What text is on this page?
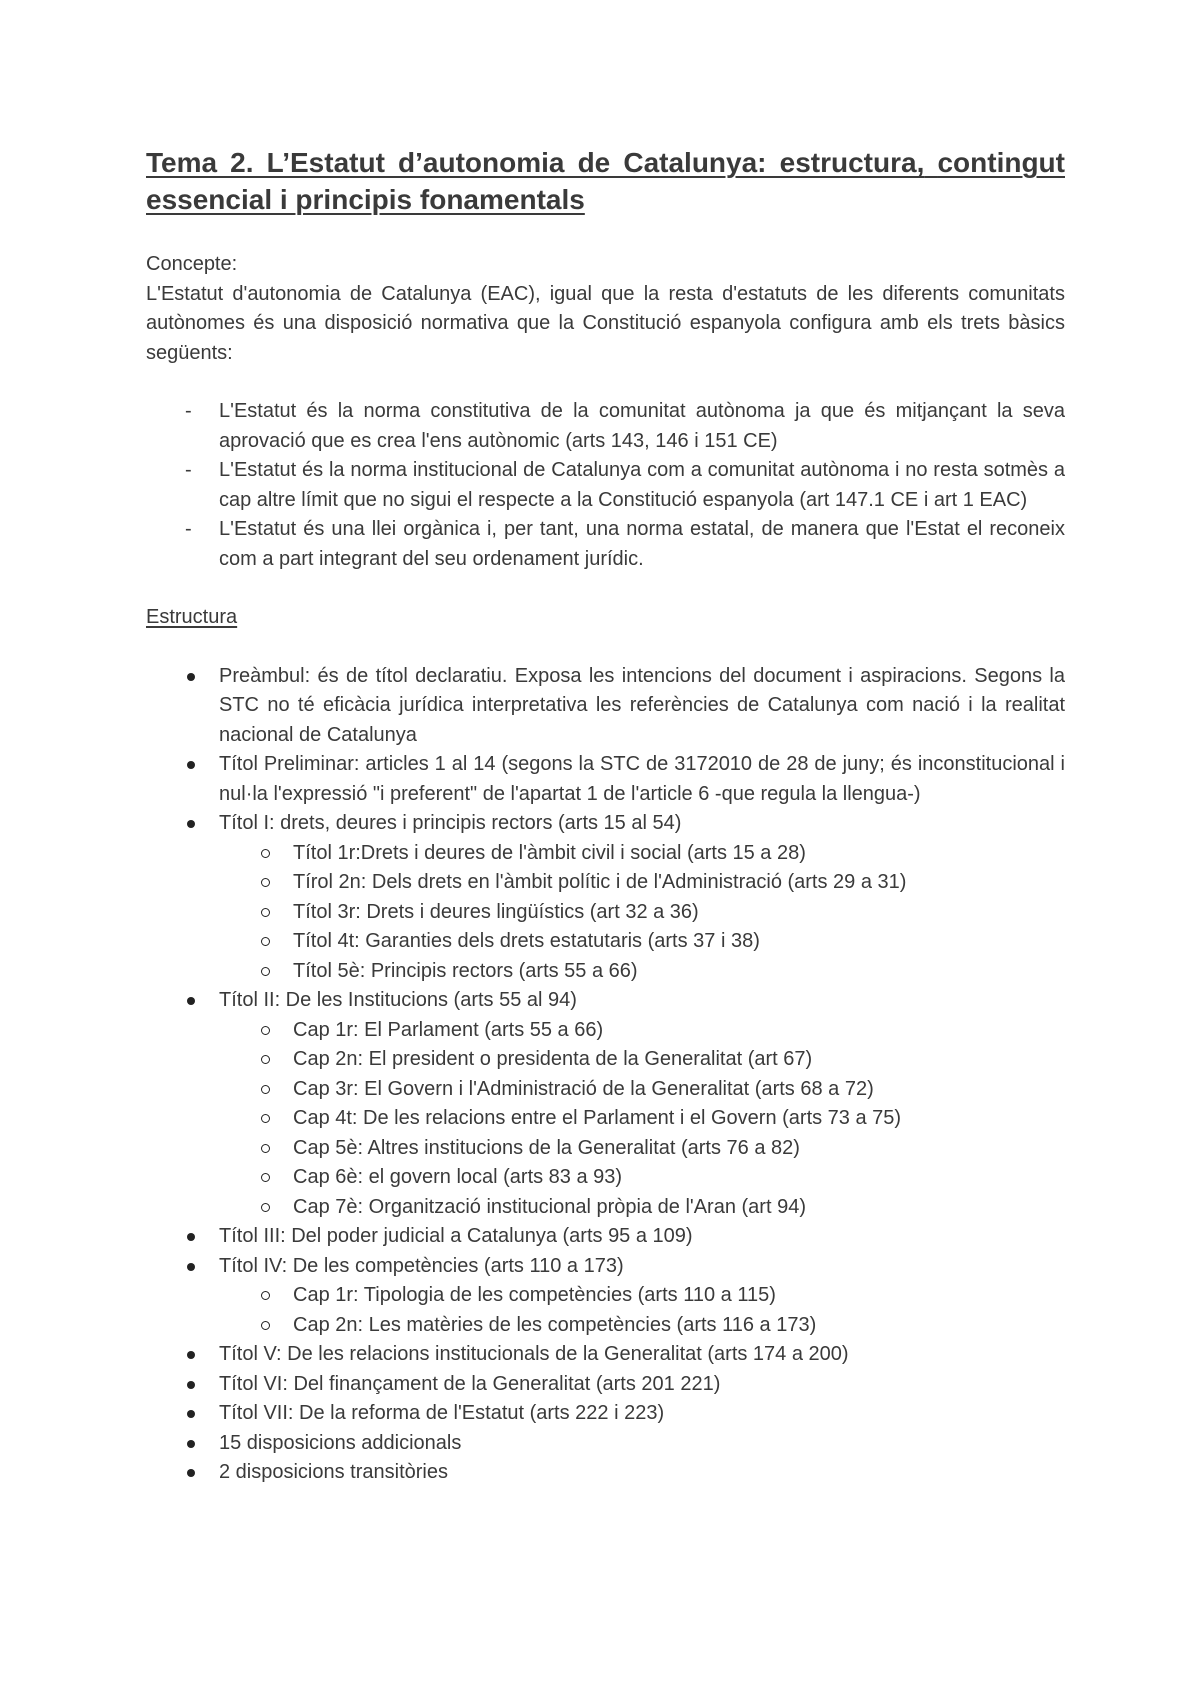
Tema 2. L’Estatut d’autonomia de Catalunya: estructura, contingut essencial i principis fonamentals

Concepte:

L'Estatut d'autonomia de Catalunya (EAC), igual que la resta d'estatuts de les diferents comunitats autònomes és una disposició normativa que la Constitució espanyola configura amb els trets bàsics següents:

- L'Estatut és la norma constitutiva de la comunitat autònoma ja que és mitjançant la seva aprovació que es crea l'ens autònomic (arts 143, 146 i 151 CE)
- L'Estatut és la norma institucional de Catalunya com a comunitat autònoma i no resta sotmès a cap altre límit que no sigui el respecte a la Constitució espanyola (art 147.1 CE i art 1 EAC)
- L'Estatut és una llei orgànica i, per tant, una norma estatal, de manera que l'Estat el reconeix com a part integrant del seu ordenament jurídic.

Estructura

Preàmbul: és de títol declaratiu. Exposa les intencions del document i aspiracions. Segons la STC no té eficàcia jurídica interpretativa les referències de Catalunya com nació i la realitat nacional de Catalunya
Títol Preliminar: articles 1 al 14 (segons la STC de 3172010 de 28 de juny; és inconstitucional i nul·la l'expressió "i preferent" de l'apartat 1 de l'article 6 -que regula la llengua-)
Títol I: drets, deures i principis rectors (arts 15 al 54)
Títol 1r:Drets i deures de l'àmbit civil i social (arts 15 a 28)
Tírol 2n: Dels drets en l'àmbit polític i de l'Administració (arts 29 a 31)
Títol 3r: Drets i deures lingüístics (art 32 a 36)
Títol 4t: Garanties dels drets estatutaris (arts 37 i 38)
Títol 5è: Principis rectors (arts 55 a 66)
Títol II: De les Institucions (arts 55 al 94)
Cap 1r: El Parlament (arts 55 a 66)
Cap 2n: El president o presidenta de la Generalitat (art 67)
Cap 3r: El Govern i l'Administració de la Generalitat (arts 68 a 72)
Cap 4t: De les relacions entre el Parlament i el Govern (arts 73 a 75)
Cap 5è: Altres institucions de la Generalitat (arts 76 a 82)
Cap 6è: el govern local (arts 83 a 93)
Cap 7è: Organització institucional pròpia de l'Aran (art 94)
Títol III: Del poder judicial a Catalunya (arts 95 a 109)
Títol IV: De les competències (arts 110 a 173)
Cap 1r: Tipologia de les competències (arts 110 a 115)
Cap 2n: Les matèries de les competències (arts 116 a 173)
Títol V: De les relacions institucionals de la Generalitat (arts 174 a 200)
Títol VI: Del finançament de la Generalitat (arts 201 221)
Títol VII: De la reforma de l'Estatut (arts 222 i 223)
15 disposicions addicionals
2 disposicions transitòries
